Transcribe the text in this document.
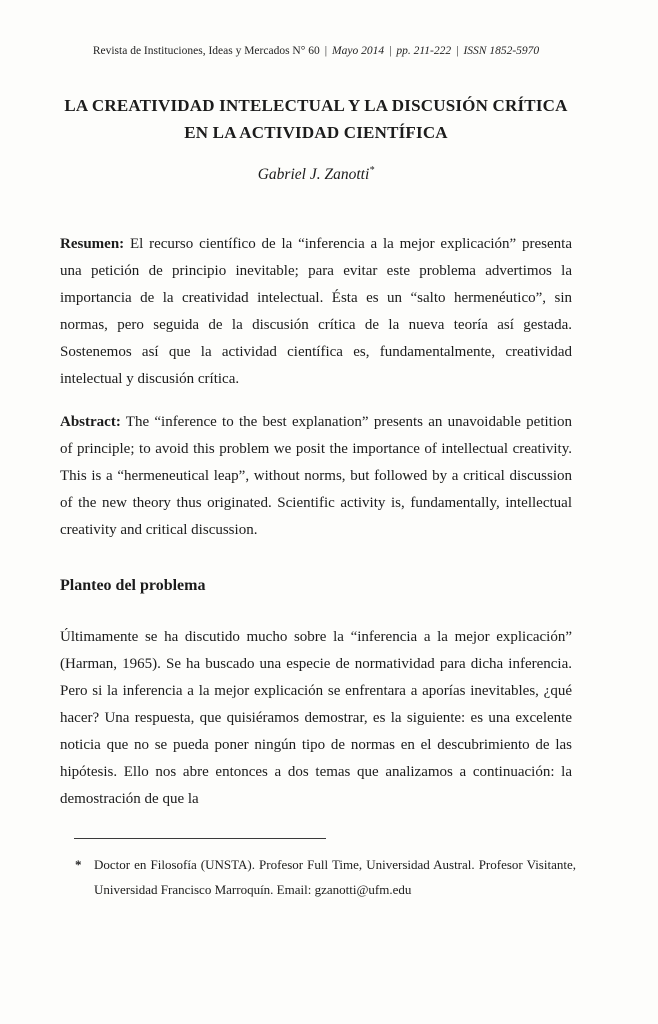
Revista de Instituciones, Ideas y Mercados N° 60 | Mayo 2014 | pp. 211-222 | ISSN 1852-5970
LA CREATIVIDAD INTELECTUAL Y LA DISCUSIÓN CRÍTICA
EN LA ACTIVIDAD CIENTÍFICA
Gabriel J. Zanotti*

Resumen: El recurso científico de la “inferencia a la mejor explicación” presenta una petición de principio inevitable; para evitar este problema advertimos la importancia de la creatividad intelectual. Ésta es un “salto hermenéutico”, sin normas, pero seguida de la discusión crítica de la nueva teoría así gestada. Sostenemos así que la actividad científica es, fundamentalmente, creatividad intelectual y discusión crítica.

Abstract: The “inference to the best explanation” presents an unavoidable petition of principle; to avoid this problem we posit the importance of intellectual creativity. This is a “hermeneutical leap”, without norms, but followed by a critical discussion of the new theory thus originated. Scientific activity is, fundamentally, intellectual creativity and critical discussion.

Planteo del problema

Últimamente se ha discutido mucho sobre la “inferencia a la mejor explicación” (Harman, 1965). Se ha buscado una especie de normatividad para dicha inferencia. Pero si la inferencia a la mejor explicación se enfrentara a aporías inevitables, ¿qué hacer? Una respuesta, que quisiéramos demostrar, es la siguiente: es una excelente noticia que no se pueda poner ningún tipo de normas en el descubrimiento de las hipótesis. Ello nos abre entonces a dos temas que analizamos a continuación: la demostración de que la

* Doctor en Filosofía (UNSTA). Profesor Full Time, Universidad Austral. Profesor Visitante, Universidad Francisco Marroquín. Email: gzanotti@ufm.edu
